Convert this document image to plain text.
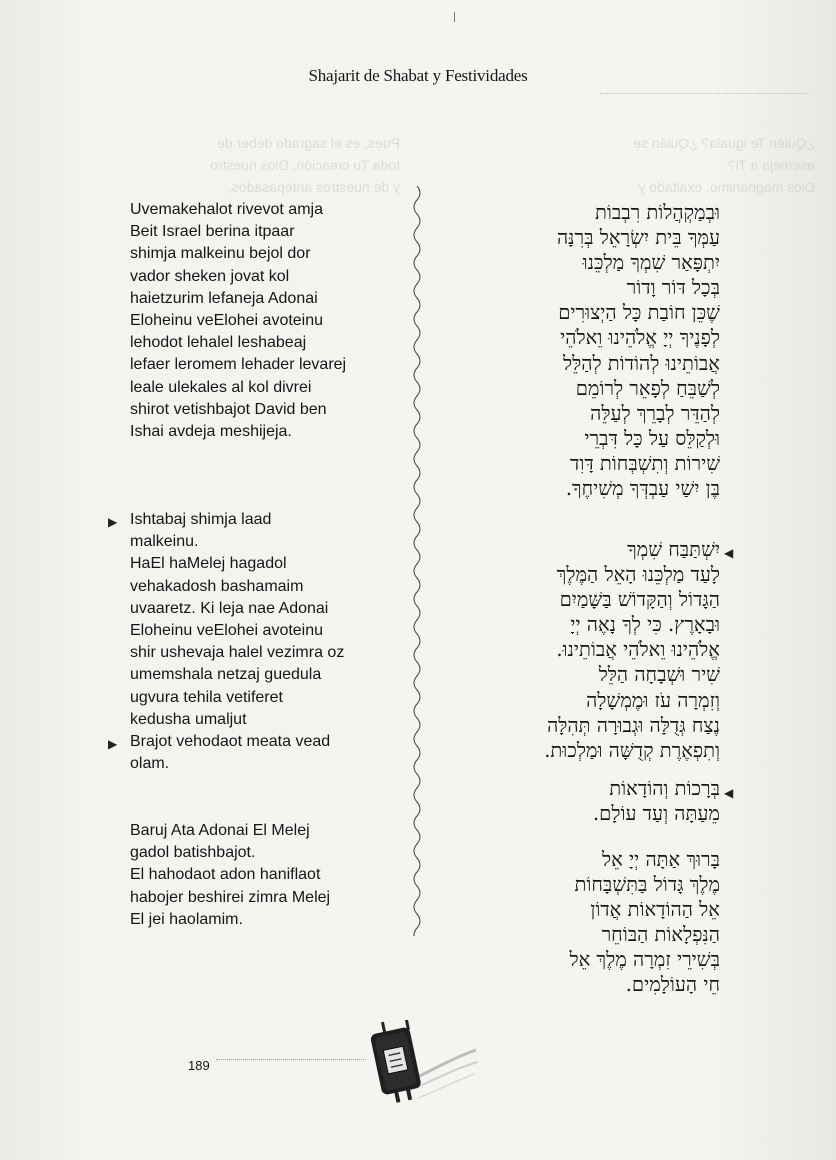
Pues, es el sagrado deber de
toda Tu creación, Dios nuestro
y de nuestros antepasados,
¿Quién Te iguala? ¿Quién se
asemeja a Ti?
Dios magnánimo, exaltado y
Shajarit de Shabat y Festividades
Uvemakehalot rivevot amja
Beit Israel berina itpaar
shimja malkeinu bejol dor
vador sheken jovat kol
haietzurim lefaneja Adonai
Eloheinu veElohei avoteinu
lehodot lehalel leshabeaj
lefaer leromem lehader levarej
leale ulekales al kol divrei
shirot vetishbajot David ben
Ishai avdeja meshijeja.
וּבְמַקְהֲלוֹת רִבְבוֹת
עַמְּךָ בֵּית יִשְׂרָאֵל בְּרִנָּה
יִתְפָּאַר שִׁמְךָ מַלְכֵּנוּ
בְּכָל דּוֹר וָדוֹר
שֶׁכֵּן חוֹבַת כָּל הַיְצוּרִים
לְפָנֶיךָ יְיָ אֱלֹהֵינוּ וֵאלֹהֵי
אֲבוֹתֵינוּ לְהוֹדוֹת לְהַלֵּל
לְשַׁבֵּחַ לְפָאֵר לְרוֹמֵם
לְהַדֵּר לְבָרֵךְ לְעַלֵּה
וּלְקַלֵּס עַל כָּל דִּבְרֵי
שִׁירוֹת וְתִשְׁבְּחוֹת דָּוִד
בֶּן יִשַׁי עַבְדְּךָ מְשִׁיחֶךָ.
▶ Ishtabaj shimja laad
malkeinu.
HaEl haMelej hagadol
vehakadosh bashamaim
uvaaretz. Ki leja nae Adonai
Eloheinu veElohei avoteinu
shir ushevaja halel vezimra oz
umemshala netzaj guedula
ugvura tehila vetiferet
kedusha umaljut
▶ Brajot vehodaot meata vead
olam.
◀
יִשְׁתַּבַּח שִׁמְךָ
לָעַד מַלְכֵּנוּ הָאֵל הַמֶּלֶךְ
הַגָּדוֹל וְהַקָּדוֹשׁ בַּשָּׁמַיִם
וּבָאָרֶץ. כִּי לְךָ נָאֶה יְיָ
אֱלֹהֵינוּ וֵאלֹהֵי אֲבוֹתֵינוּ.
שִׁיר וּשְׁבָחָה הַלֵּל
וְזִמְרָה עֹז וּמֶמְשָׁלָה
נֶצַח גְּדֻלָּה וּגְבוּרָה תְּהִלָּה
וְתִפְאֶרֶת קְדֻשָּׁה וּמַלְכוּת.
◀
בְּרָכוֹת וְהוֹדָאוֹת
מֵעַתָּה וְעַד עוֹלָם.
Baruj Ata Adonai El Melej
gadol batishbajot.
El hahodaot adon haniflaot
habojer beshirei zimra Melej
El jei haolamim.
בָּרוּךְ אַתָּה יְיָ אֵל
מֶלֶךְ גָּדוֹל בַּתִּשְׁבָּחוֹת
אֵל הַהוֹדָאוֹת אֲדוֹן
הַנִּפְלָאוֹת הַבּוֹחֵר
בְּשִׁירֵי זִמְרָה מֶלֶךְ אֵל
חֵי הָעוֹלָמִים.
189
